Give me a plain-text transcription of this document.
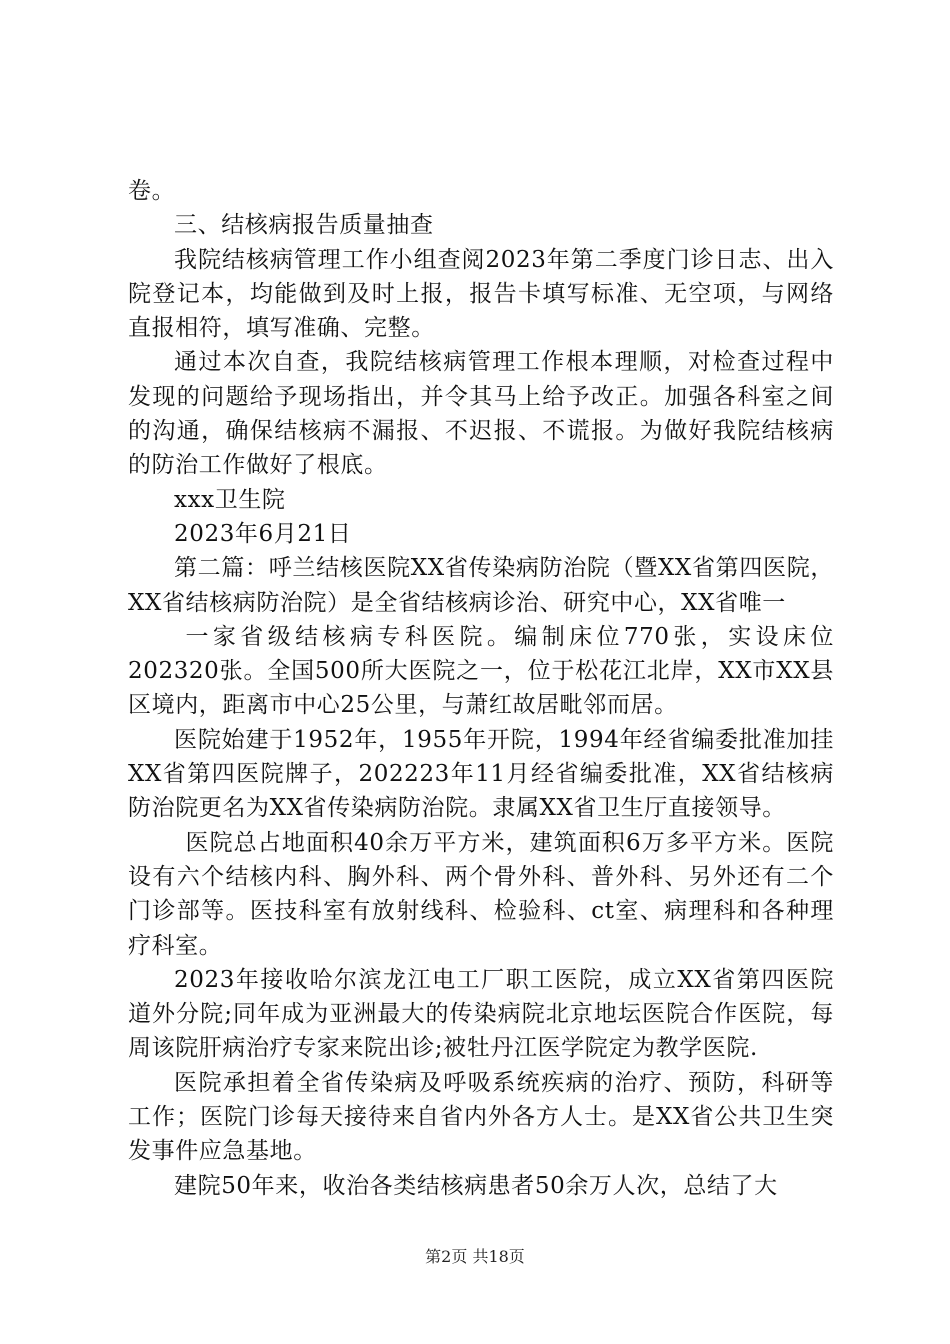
卷。

三、结核病报告质量抽查

我院结核病管理工作小组查阅2023年第二季度门诊日志、出入院登记本，均能做到及时上报，报告卡填写标准、无空项，与网络直报相符，填写准确、完整。

通过本次自查，我院结核病管理工作根本理顺，对检查过程中发现的问题给予现场指出，并令其马上给予改正。加强各科室之间的沟通，确保结核病不漏报、不迟报、不谎报。为做好我院结核病的防治工作做好了根底。

xxx卫生院

2023年6月21日

第二篇：呼兰结核医院XX省传染病防治院（暨XX省第四医院，XX省结核病防治院）是全省结核病诊治、研究中心，XX省唯一

一家省级结核病专科医院。编制床位770张，实设床位202320张。全国500所大医院之一，位于松花江北岸，XX市XX县区境内，距离市中心25公里，与萧红故居毗邻而居。

医院始建于1952年，1955年开院，1994年经省编委批准加挂XX省第四医院牌子，202223年11月经省编委批准，XX省结核病防治院更名为XX省传染病防治院。隶属XX省卫生厅直接领导。

医院总占地面积40余万平方米，建筑面积6万多平方米。医院设有六个结核内科、胸外科、两个骨外科、普外科、另外还有二个门诊部等。医技科室有放射线科、检验科、ct室、病理科和各种理疗科室。

2023年接收哈尔滨龙江电工厂职工医院，成立XX省第四医院道外分院;同年成为亚洲最大的传染病院北京地坛医院合作医院，每周该院肝病治疗专家来院出诊;被牡丹江医学院定为教学医院.

医院承担着全省传染病及呼吸系统疾病的治疗、预防，科研等工作；医院门诊每天接待来自省内外各方人士。是XX省公共卫生突发事件应急基地。

建院50年来，收治各类结核病患者50余万人次，总结了大

第2页 共18页
